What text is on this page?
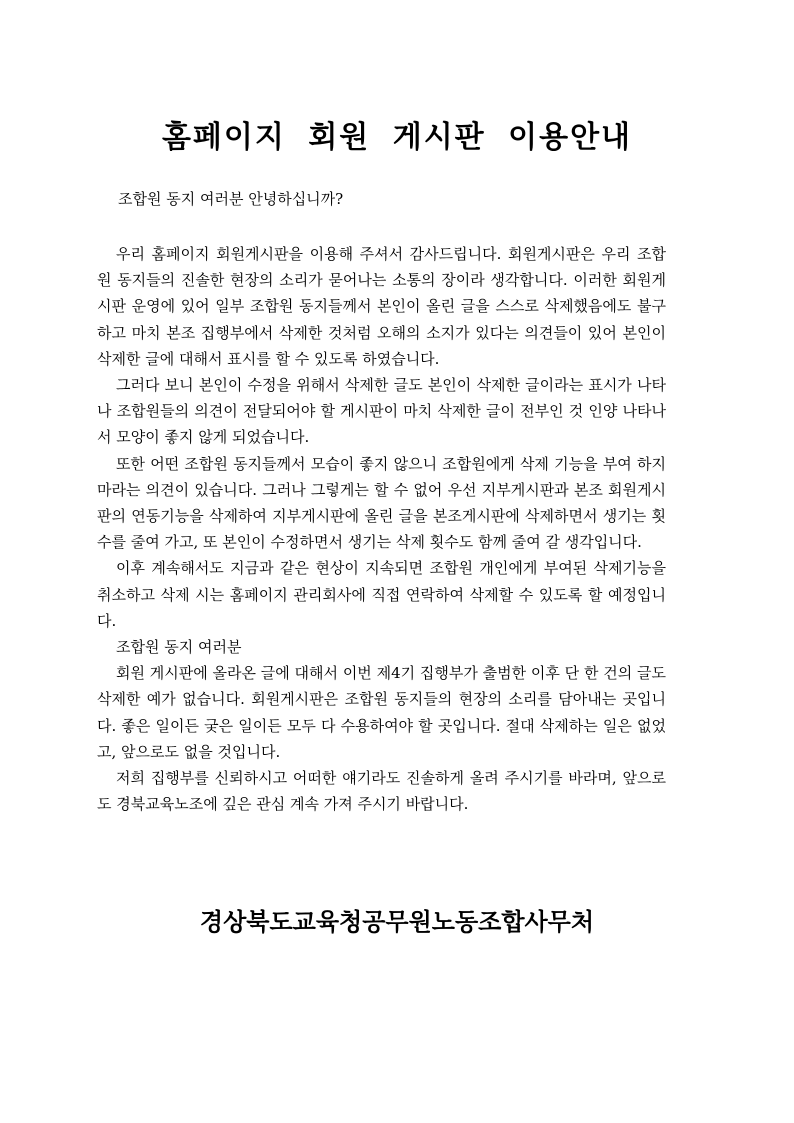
홈페이지 회원 게시판 이용안내

조합원 동지 여러분 안녕하십니까?

우리 홈페이지 회원게시판을 이용해 주셔서 감사드립니다. 회원게시판은 우리 조합원 동지들의 진솔한 현장의 소리가 묻어나는 소통의 장이라 생각합니다. 이러한 회원게시판 운영에 있어 일부 조합원 동지들께서 본인이 올린 글을 스스로 삭제했음에도 불구하고 마치 본조 집행부에서 삭제한 것처럼 오해의 소지가 있다는 의견들이 있어 본인이 삭제한 글에 대해서 표시를 할 수 있도록 하였습니다.

그러다 보니 본인이 수정을 위해서 삭제한 글도 본인이 삭제한 글이라는 표시가 나타나 조합원들의 의견이 전달되어야 할 게시판이 마치 삭제한 글이 전부인 것 인양 나타나서 모양이 좋지 않게 되었습니다.

또한 어떤 조합원 동지들께서 모습이 좋지 않으니 조합원에게 삭제 기능을 부여 하지 마라는 의견이 있습니다. 그러나 그렇게는 할 수 없어 우선 지부게시판과 본조 회원게시판의 연동기능을 삭제하여 지부게시판에 올린 글을 본조게시판에 삭제하면서 생기는 횟수를 줄여 가고, 또 본인이 수정하면서 생기는 삭제 횟수도 함께 줄여 갈 생각입니다.

이후 계속해서도 지금과 같은 현상이 지속되면 조합원 개인에게 부여된 삭제기능을 취소하고 삭제 시는 홈페이지 관리회사에 직접 연락하여 삭제할 수 있도록 할 예정입니다.

조합원 동지 여러분

회원 게시판에 올라온 글에 대해서 이번 제4기 집행부가 출범한 이후 단 한 건의 글도 삭제한 예가 없습니다. 회원게시판은 조합원 동지들의 현장의 소리를 담아내는 곳입니다. 좋은 일이든 궂은 일이든 모두 다 수용하여야 할 곳입니다. 절대 삭제하는 일은 없었고, 앞으로도 없을 것입니다.

저희 집행부를 신뢰하시고 어떠한 얘기라도 진솔하게 올려 주시기를 바라며, 앞으로도 경북교육노조에 깊은 관심 계속 가져 주시기 바랍니다.

경상북도교육청공무원노동조합사무처
